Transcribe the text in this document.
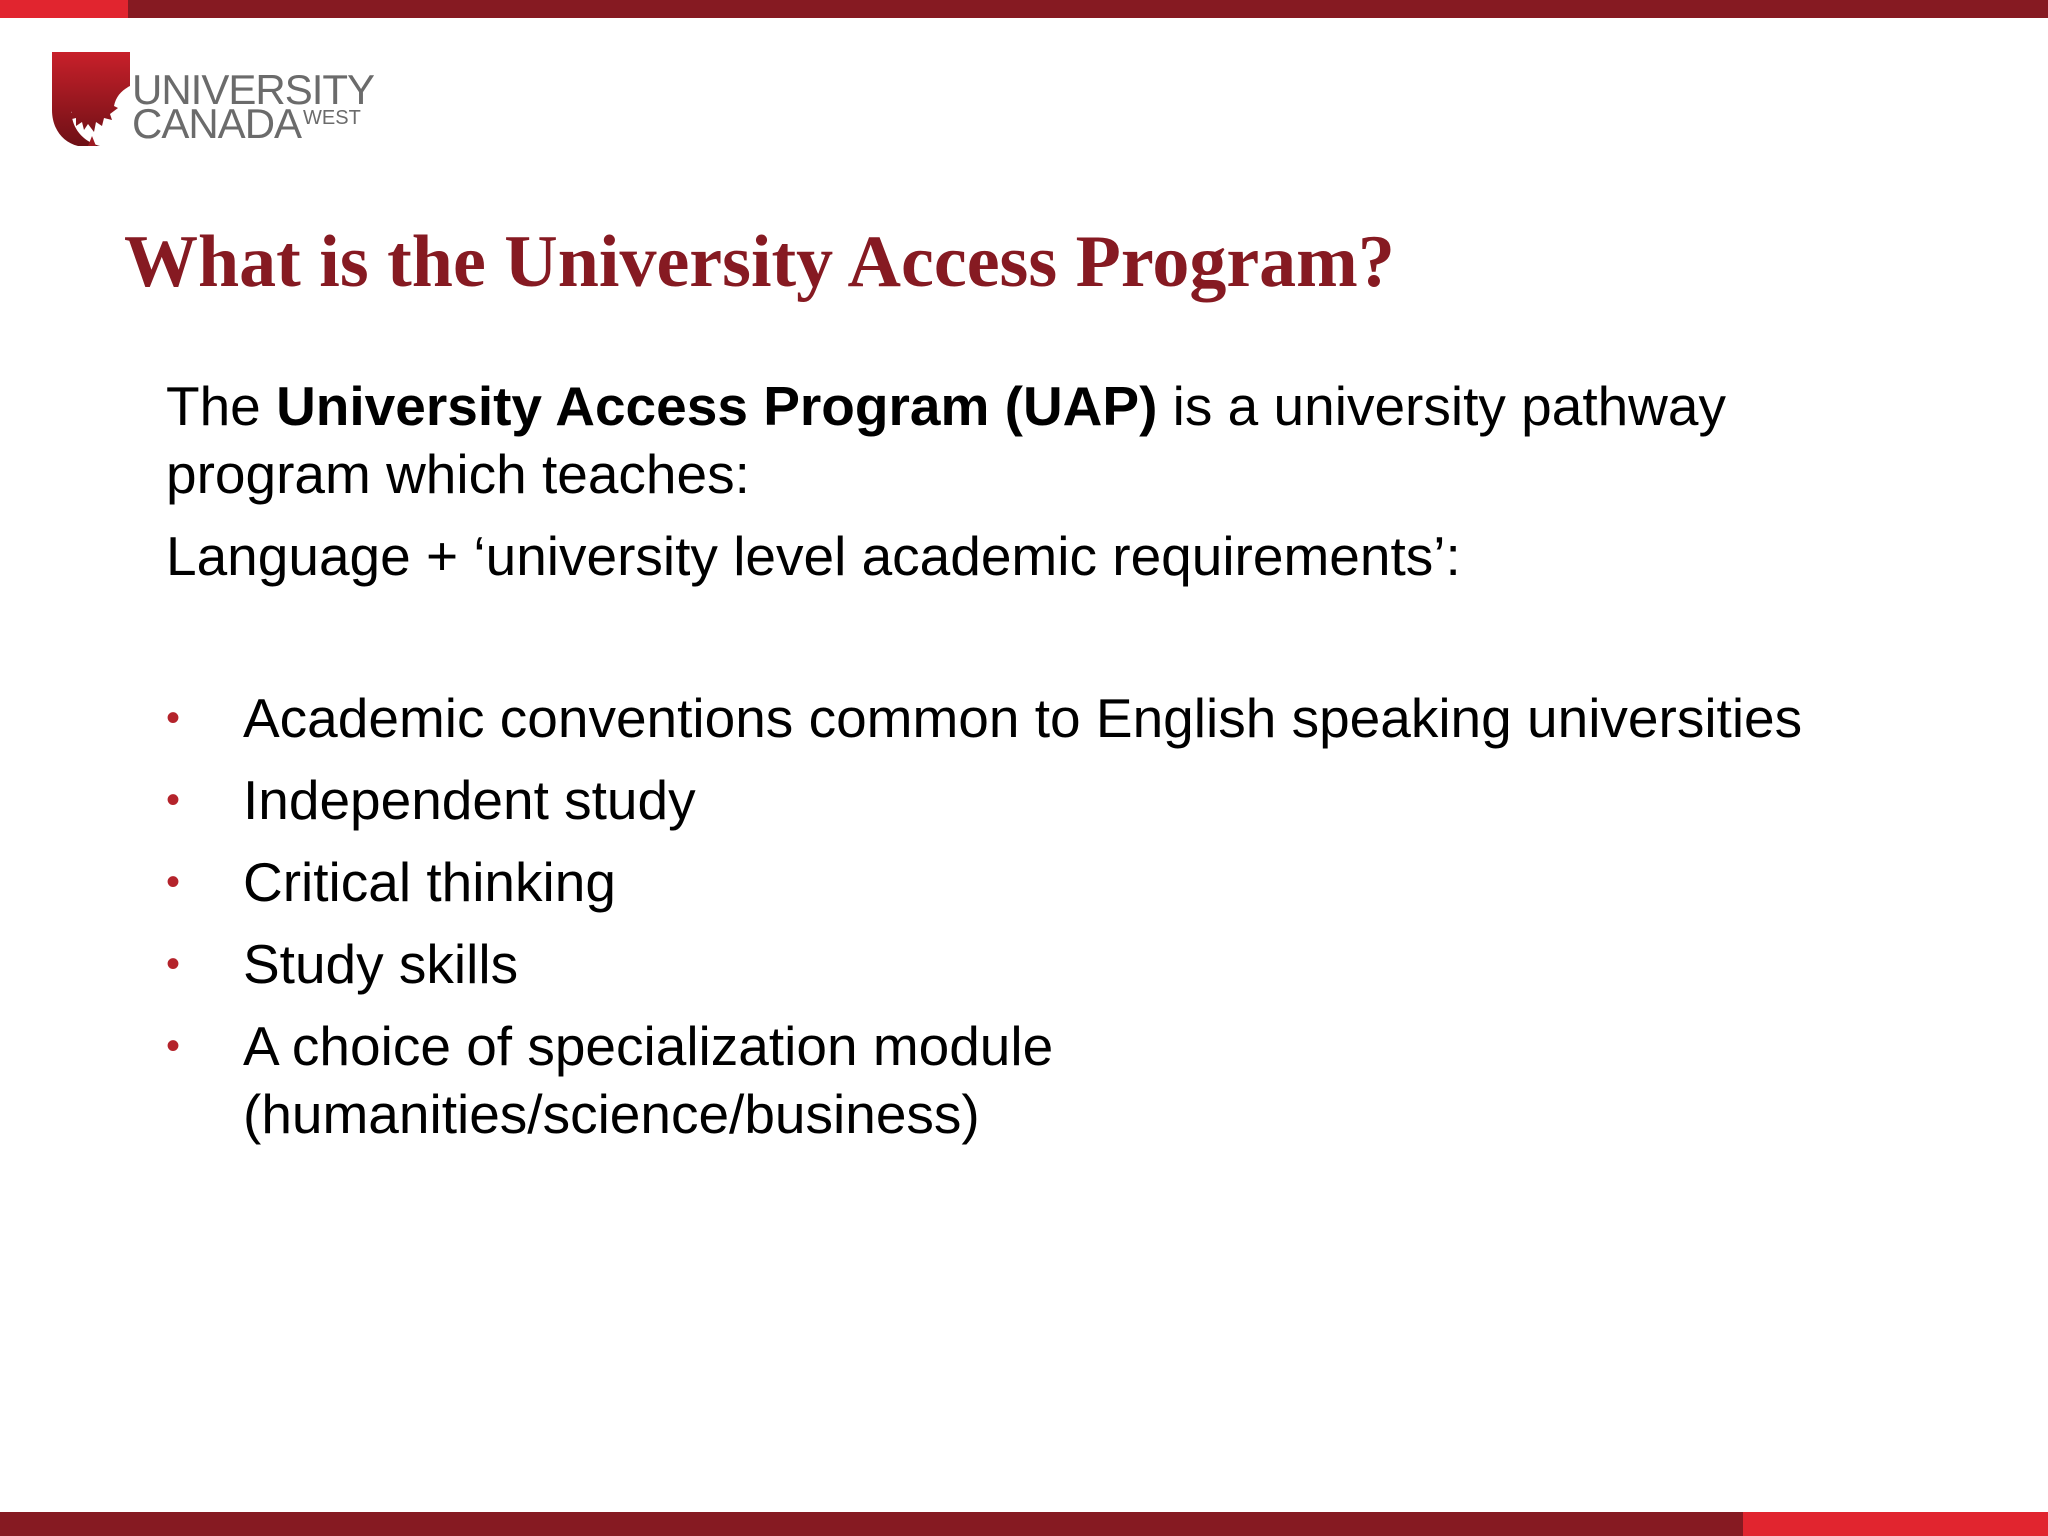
UNIVERSITY
CANADA $^{WEST}$
What is the University Access Program?

The University Access Program (UAP) is a university pathway program which teaches:

Language + ‘university level academic requirements’:

• Academic conventions common to English speaking universities
• Independent study
• Critical thinking
• Study skills
• A choice of specialization module (humanities/science/business)
